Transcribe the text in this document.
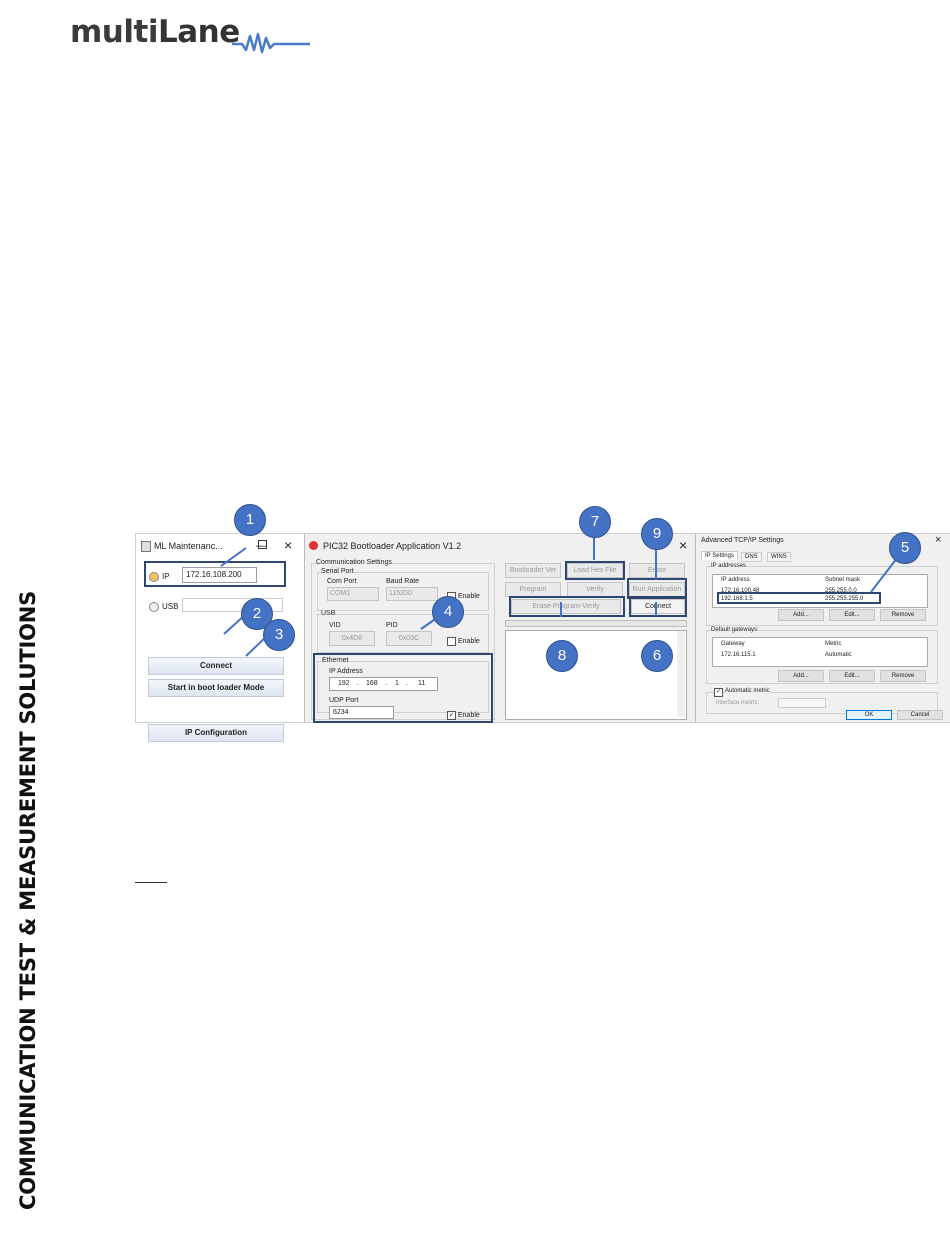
multiLane
COMMUNICATION TEST & MEASUREMENT SOLUTIONS
ML Maintenanc...	— ×
IP	172.16.108.200
USB
Connect
Start in boot loader Mode
IP Configuration
PIC32 Bootloader Application V1.2	×
Communication Settings
Serial Port
Com Port
COM1
Baud Rate
115200	Enable
USB
VID
0x4D8
PID
0x03C	Enable
Ethernet
IP Address
192 . 168 . 1 . 11
UDP Port
6234	✓ Enable
Bootloader Ver	Load Hex File	Erase
Program	Verify	Run Application
Erase-Program-Verify	Connect
Advanced TCP/IP Settings	×
IP Settings	DNS	WINS
IP addresses
IP address	Subnet mask
172.16.100.48	255.255.0.0
192.168.1.5	255.255.255.0
Add...	Edit...	Remove
Default gateways:
Gateway	Metric
172.16.115.1	Automatic
Add...	Edit...	Remove
✓ Automatic metric
Interface metric:
OK	Cancel
1
2
3
4
5
6
7
8
9
